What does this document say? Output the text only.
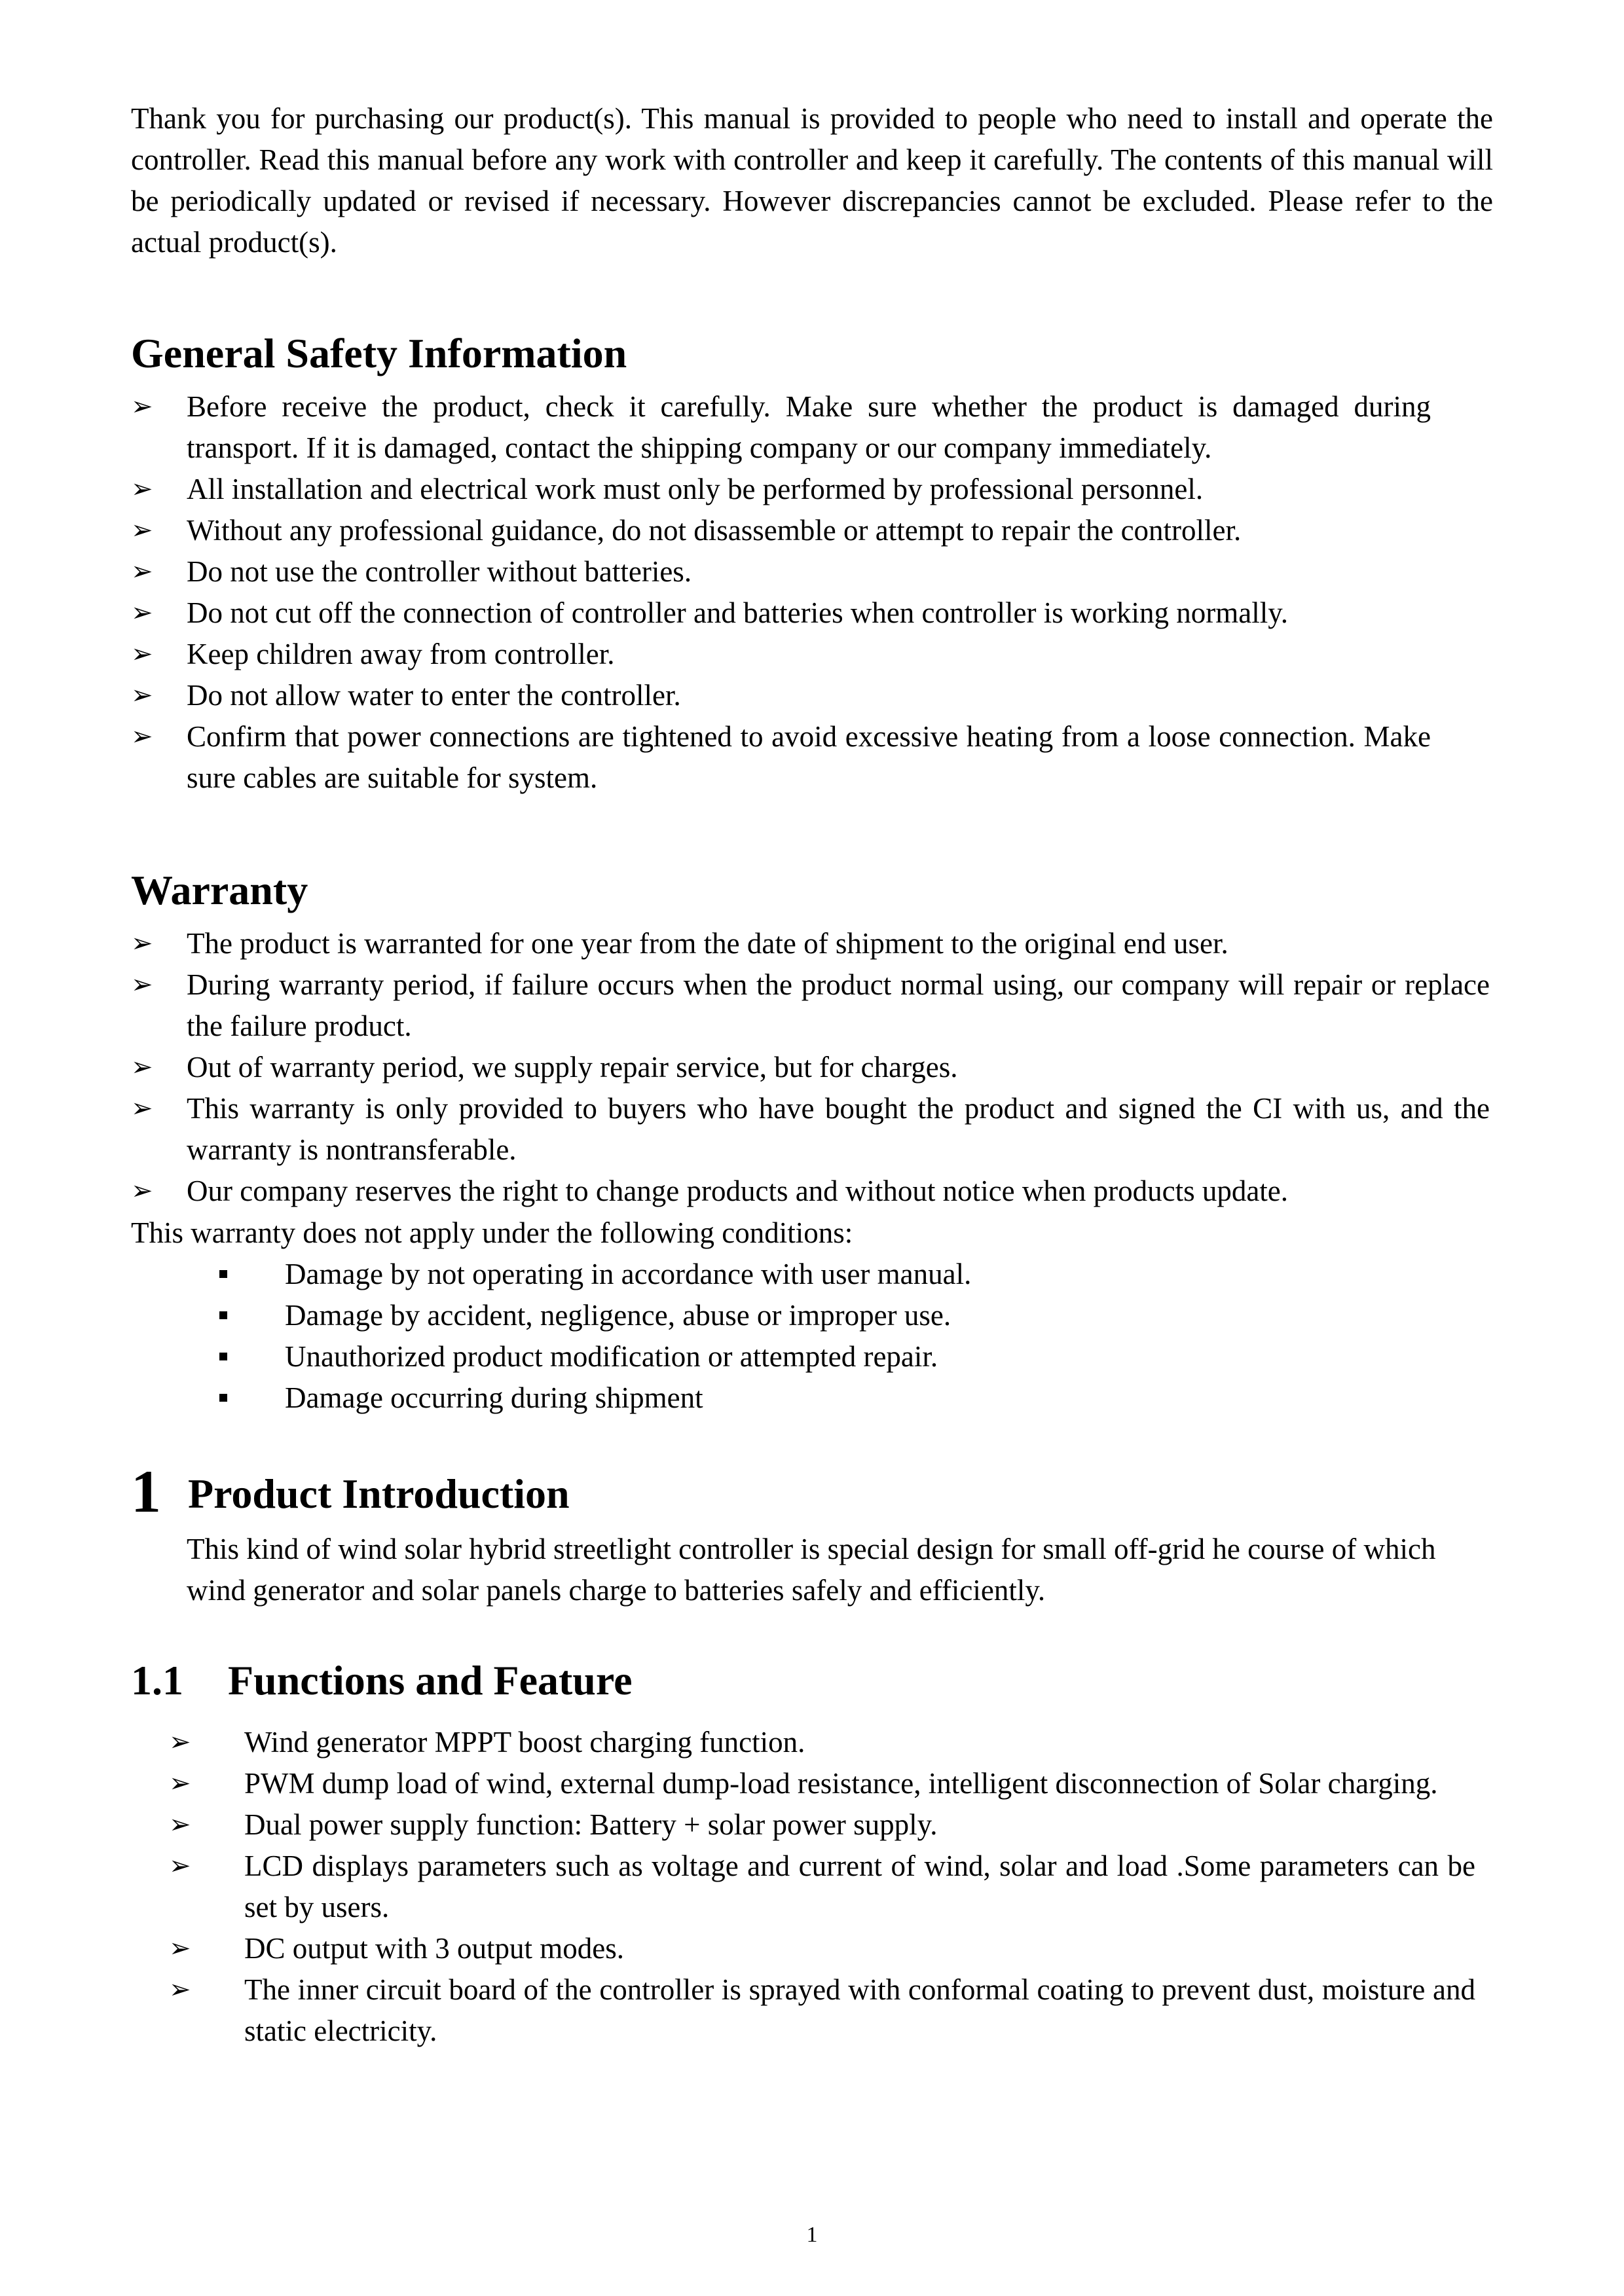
Thank you for purchasing our product(s). This manual is provided to people who need to install and operate the controller. Read this manual before any work with controller and keep it carefully. The contents of this manual will be periodically updated or revised if necessary. However discrepancies cannot be excluded. Please refer to the actual product(s).

General Safety Information
➢ Before receive the product, check it carefully. Make sure whether the product is damaged during transport. If it is damaged, contact the shipping company or our company immediately.
➢ All installation and electrical work must only be performed by professional personnel.
➢ Without any professional guidance, do not disassemble or attempt to repair the controller.
➢ Do not use the controller without batteries.
➢ Do not cut off the connection of controller and batteries when controller is working normally.
➢ Keep children away from controller.
➢ Do not allow water to enter the controller.
➢ Confirm that power connections are tightened to avoid excessive heating from a loose connection. Make sure cables are suitable for system.
Warranty
➢ The product is warranted for one year from the date of shipment to the original end user.
➢ During warranty period, if failure occurs when the product normal using, our company will repair or replace the failure product.
➢ Out of warranty period, we supply repair service, but for charges.
➢ This warranty is only provided to buyers who have bought the product and signed the CI with us, and the warranty is nontransferable.
➢ Our company reserves the right to change products and without notice when products update.

This warranty does not apply under the following conditions:

Damage by not operating in accordance with user manual.
Damage by accident, negligence, abuse or improper use.
Unauthorized product modification or attempted repair.
Damage occurring during shipment
1 Product Introduction

This kind of wind solar hybrid streetlight controller is special design for small off-grid he course of which wind generator and solar panels charge to batteries safely and efficiently.

1.1 Functions and Feature
➢ Wind generator MPPT boost charging function.
➢ PWM dump load of wind, external dump-load resistance, intelligent disconnection of Solar charging.
➢ Dual power supply function: Battery + solar power supply.
➢ LCD displays parameters such as voltage and current of wind, solar and load .Some parameters can be set by users.
➢ DC output with 3 output modes.
➢ The inner circuit board of the controller is sprayed with conformal coating to prevent dust, moisture and static electricity.

1
